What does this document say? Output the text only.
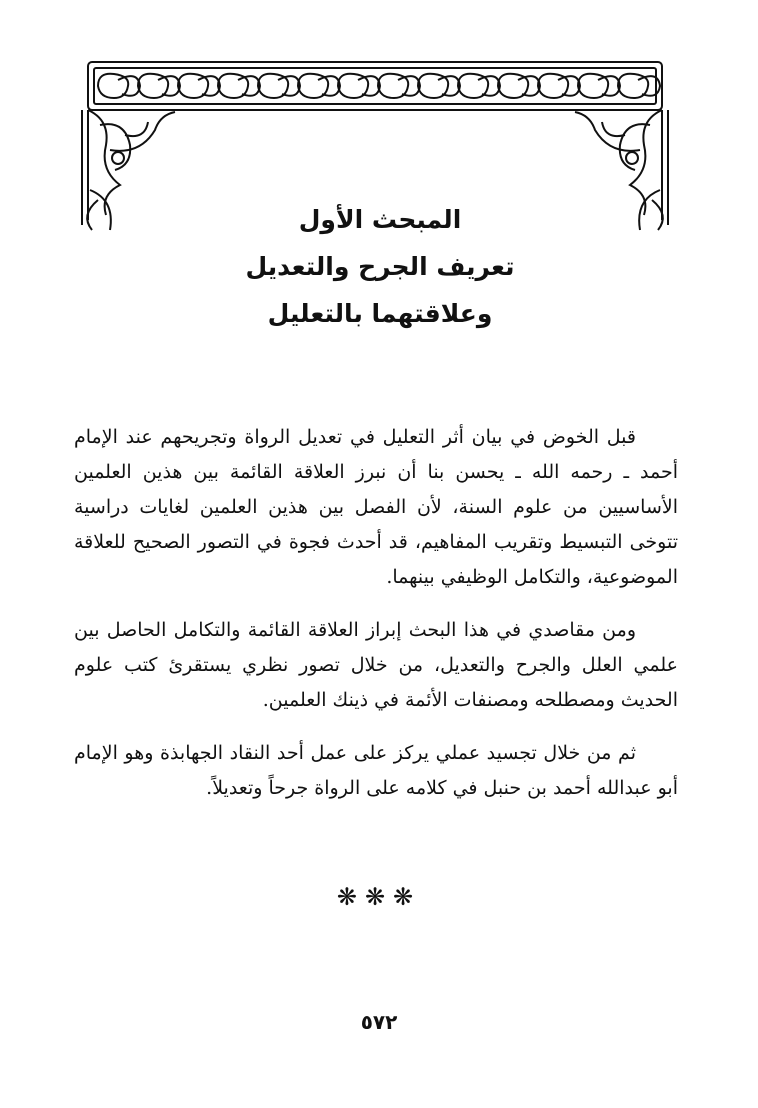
المبحث الأول
تعريف الجرح والتعديل
وعلاقتهما بالتعليل

قبل الخوض في بيان أثر التعليل في تعديل الرواة وتجريحهم عند الإمام أحمد ـ رحمه الله ـ يحسن بنا أن نبرز العلاقة القائمة بين هذين العلمين الأساسيين من علوم السنة، لأن الفصل بين هذين العلمين لغايات دراسية تتوخى التبسيط وتقريب المفاهيم، قد أحدث فجوة في التصور الصحيح للعلاقة الموضوعية، والتكامل الوظيفي بينهما.

ومن مقاصدي في هذا البحث إبراز العلاقة القائمة والتكامل الحاصل بين علمي العلل والجرح والتعديل، من خلال تصور نظري يستقرئ كتب علوم الحديث ومصطلحه ومصنفات الأئمة في ذينك العلمين.

ثم من خلال تجسيد عملي يركز على عمل أحد النقاد الجهابذة وهو الإمام أبو عبدالله أحمد بن حنبل في كلامه على الرواة جرحاً وتعديلاً.

❋❋❋
٥٧٢
